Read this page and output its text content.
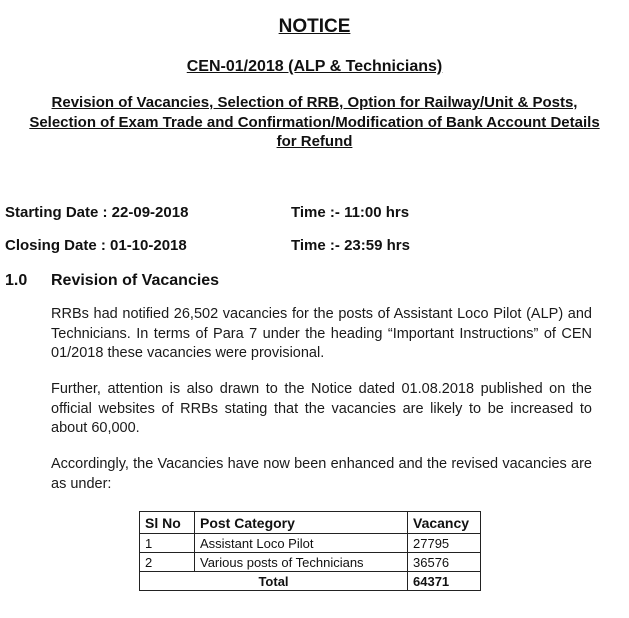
NOTICE
CEN-01/2018 (ALP & Technicians)
Revision of Vacancies, Selection of RRB, Option for Railway/Unit & Posts,
Selection of Exam Trade and Confirmation/Modification of Bank Account Details
for Refund
Starting Date : 22-09-2018	Time :- 11:00 hrs
Closing Date : 01-10-2018	Time :- 23:59 hrs
1.0 Revision of Vacancies
RRBs had notified 26,502 vacancies for the posts of Assistant Loco Pilot (ALP) and Technicians. In terms of Para 7 under the heading “Important Instructions” of CEN 01/2018 these vacancies were provisional.
Further, attention is also drawn to the Notice dated 01.08.2018 published on the official websites of RRBs stating that the vacancies are likely to be increased to about 60,000.
Accordingly, the Vacancies have now been enhanced and the revised vacancies are as under:
Sl No	Post Category	Vacancy
1	Assistant Loco Pilot	27795
2	Various posts of Technicians	36576
Total		64371
